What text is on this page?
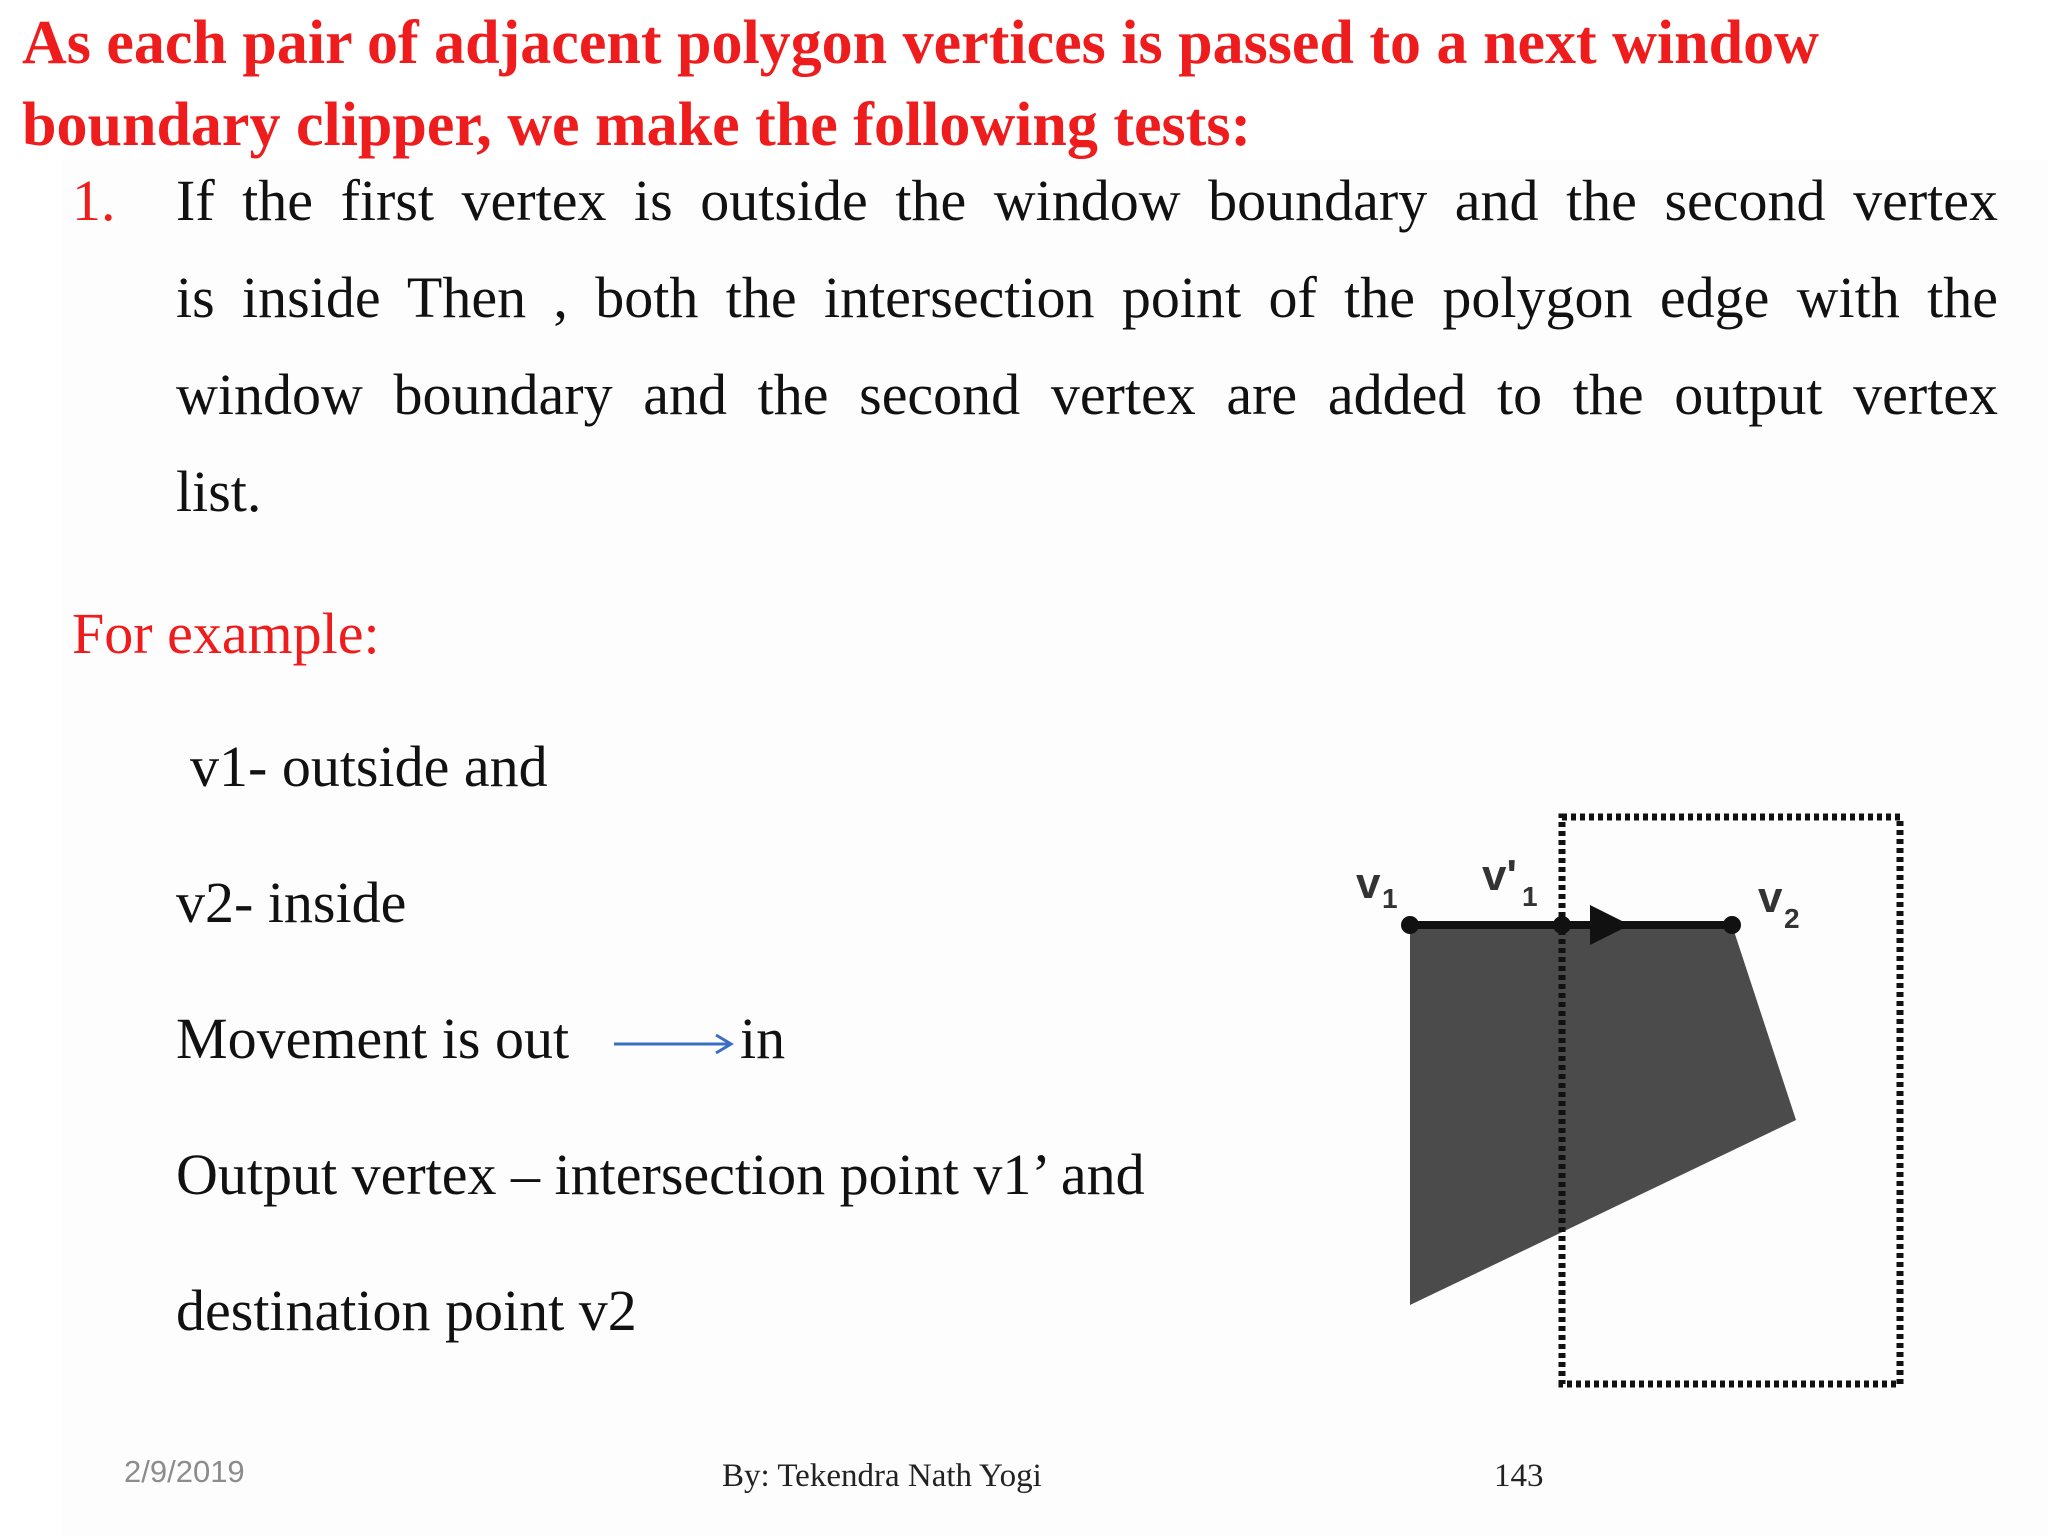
As each pair of adjacent polygon vertices is passed to a next window
boundary clipper, we make the following tests:
1. If the first vertex is outside the window boundary and the second vertex
is inside Then , both the intersection point of the polygon edge with the
window boundary and the second vertex are added to the output vertex
list.
For example:
v1- outside and
v2- inside
Movement is out	in
Output vertex – intersection point v1’ and
destination point v2
v 1 v' 1	v 2
2/9/2019	By: Tekendra Nath Yogi	143
